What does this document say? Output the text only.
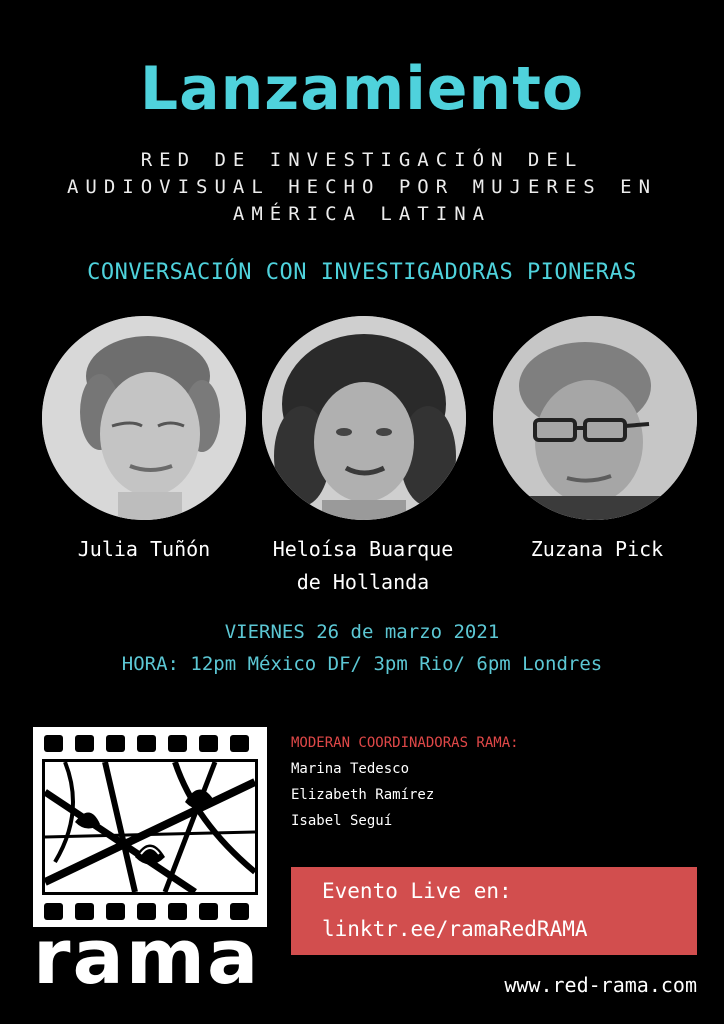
Lanzamiento
RED DE INVESTIGACIÓN DEL
AUDIOVISUAL HECHO POR MUJERES EN
AMÉRICA LATINA
CONVERSACIÓN CON INVESTIGADORAS PIONERAS
Julia Tuñón	Heloísa Buarque
de Hollanda
Zuzana Pick
VIERNES 26 de marzo 2021
HORA: 12pm México DF/ 3pm Rio/ 6pm Londres
rama
MODERAN COORDINADORAS RAMA:
Marina Tedesco
Elizabeth Ramírez
Isabel Seguí
Evento Live en:
linktr.ee/ramaRedRAMA
www.red-rama.com
